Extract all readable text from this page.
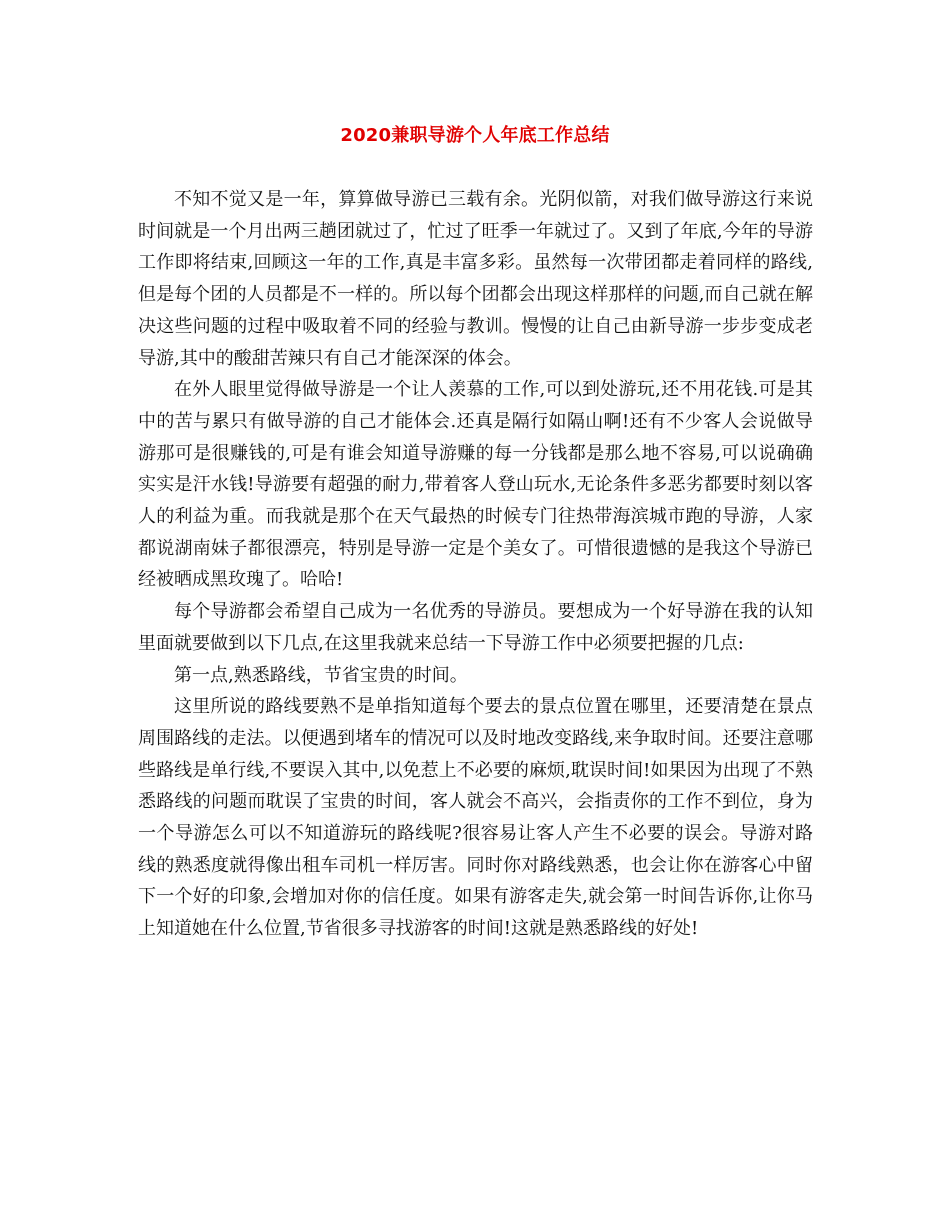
2020兼职导游个人年底工作总结

不知不觉又是一年，算算做导游已三载有余。光阴似箭，对我们做导游这行来说时间就是一个月出两三趟团就过了，忙过了旺季一年就过了。又到了年底,今年的导游工作即将结束,回顾这一年的工作,真是丰富多彩。虽然每一次带团都走着同样的路线,但是每个团的人员都是不一样的。所以每个团都会出现这样那样的问题,而自己就在解决这些问题的过程中吸取着不同的经验与教训。慢慢的让自己由新导游一步步变成老导游,其中的酸甜苦辣只有自己才能深深的体会。

在外人眼里觉得做导游是一个让人羡慕的工作,可以到处游玩,还不用花钱.可是其中的苦与累只有做导游的自己才能体会.还真是隔行如隔山啊!还有不少客人会说做导游那可是很赚钱的,可是有谁会知道导游赚的每一分钱都是那么地不容易,可以说确确实实是汗水钱!导游要有超强的耐力,带着客人登山玩水,无论条件多恶劣都要时刻以客人的利益为重。而我就是那个在天气最热的时候专门往热带海滨城市跑的导游，人家都说湖南妹子都很漂亮，特别是导游一定是个美女了。可惜很遗憾的是我这个导游已经被晒成黑玫瑰了。哈哈!

每个导游都会希望自己成为一名优秀的导游员。要想成为一个好导游在我的认知里面就要做到以下几点,在这里我就来总结一下导游工作中必须要把握的几点:

第一点,熟悉路线，节省宝贵的时间。

这里所说的路线要熟不是单指知道每个要去的景点位置在哪里，还要清楚在景点周围路线的走法。以便遇到堵车的情况可以及时地改变路线,来争取时间。还要注意哪些路线是单行线,不要误入其中,以免惹上不必要的麻烦,耽误时间!如果因为出现了不熟悉路线的问题而耽误了宝贵的时间，客人就会不高兴，会指责你的工作不到位，身为一个导游怎么可以不知道游玩的路线呢?很容易让客人产生不必要的误会。导游对路线的熟悉度就得像出租车司机一样厉害。同时你对路线熟悉，也会让你在游客心中留下一个好的印象,会增加对你的信任度。如果有游客走失,就会第一时间告诉你,让你马上知道她在什么位置,节省很多寻找游客的时间!这就是熟悉路线的好处!
